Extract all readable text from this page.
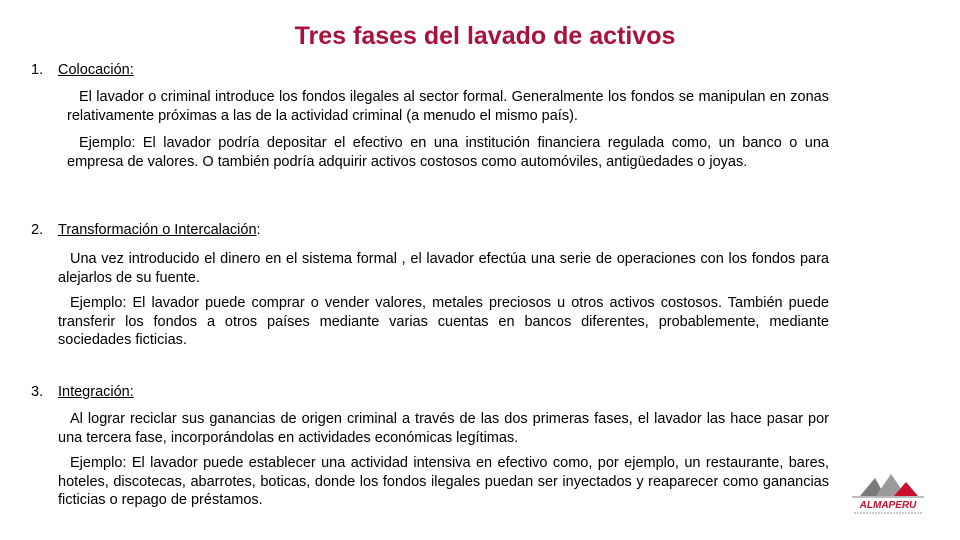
Tres fases del lavado de activos
1. Colocación:

El lavador o criminal introduce los fondos ilegales al sector formal. Generalmente los fondos se manipulan en zonas relativamente próximas a las de la actividad criminal (a menudo el mismo país).

Ejemplo: El lavador podría depositar el efectivo en una institución financiera regulada como, un banco o una empresa de valores. O también podría adquirir activos costosos como automóviles, antigüedades o joyas.

2. Transformación o Intercalación:

Una vez introducido el dinero en el sistema formal , el lavador efectúa una serie de operaciones con los fondos para alejarlos de su fuente.

Ejemplo: El lavador puede comprar o vender valores, metales preciosos u otros activos costosos. También puede transferir los fondos a otros países mediante varias cuentas en bancos diferentes, probablemente, mediante sociedades ficticias.

3. Integración:

Al lograr reciclar sus ganancias de origen criminal a través de las dos primeras fases, el lavador las hace pasar por una tercera fase, incorporándolas en actividades económicas legítimas.

Ejemplo: El lavador puede establecer una actividad intensiva en efectivo como, por ejemplo, un restaurante, bares, hoteles, discotecas, abarrotes, boticas, donde los fondos ilegales puedan ser inyectados y reaparecer como ganancias ficticias o repago de préstamos.	ALMAPERU
